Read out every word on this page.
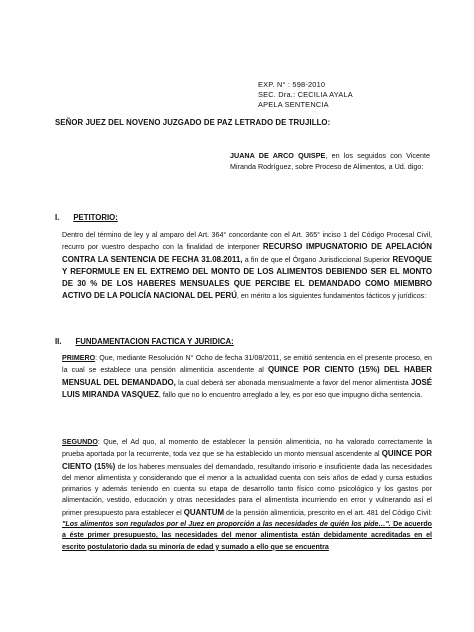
EXP. N° : 598-2010
SEC. Dra.: CECILIA AYALA
APELA SENTENCIA
SEÑOR JUEZ DEL NOVENO JUZGADO DE PAZ LETRADO DE TRUJILLO:
JUANA DE ARCO QUISPE, en los seguidos con Vicente Miranda Rodríguez, sobre Proceso de Alimentos, a Ud. digo:
I. PETITORIO:
Dentro del término de ley y al amparo del Art. 364° concordante con el Art. 365° inciso 1 del Código Procesal Civil, recurro por vuestro despacho con la finalidad de interponer RECURSO IMPUGNATORIO DE APELACIÓN CONTRA LA SENTENCIA DE FECHA 31.08.2011, a fin de que el Órgano Jurisdiccional Superior REVOQUE Y REFORMULE EN EL EXTREMO DEL MONTO DE LOS ALIMENTOS DEBIENDO SER EL MONTO DE 30 % DE LOS HABERES MENSUALES QUE PERCIBE EL DEMANDADO COMO MIEMBRO ACTIVO DE LA POLICÍA NACIONAL DEL PERÚ, en mérito a los siguientes fundamentos fácticos y jurídicos:
II. FUNDAMENTACION FACTICA Y JURIDICA:
PRIMERO: Que, mediante Resolución N° Ocho de fecha 31/08/2011, se emitió sentencia en el presente proceso, en la cual se establece una pensión alimenticia ascendente al QUINCE POR CIENTO (15%) DEL HABER MENSUAL DEL DEMANDADO, la cual deberá ser abonada mensualmente a favor del menor alimentista JOSÉ LUIS MIRANDA VASQUEZ, fallo que no lo encuentro arreglado a ley, es por eso que impugno dicha sentencia.
SEGUNDO: Que, el Ad quo, al momento de establecer la pensión alimenticia, no ha valorado correctamente la prueba aportada por la recurrente, toda vez que se ha establecido un monto mensual ascendente al QUINCE POR CIENTO (15%) de los haberes mensuales del demandado, resultando irrisorio e insuficiente dada las necesidades del menor alimentista y considerando que el menor a la actualidad cuenta con seis años de edad y cursa estudios primarios y además teniendo en cuenta su etapa de desarrollo tanto físico como psicológico y los gastos por alimentación, vestido, educación y otras necesidades para el alimentista incurriendo en error y vulnerando así el primer presupuesto para establecer el QUANTUM de la pensión alimenticia, prescrito en el art. 481 del Código Civil: "Los alimentos son regulados por el Juez en proporción a las necesidades de quién los pide…". De acuerdo a éste primer presupuesto, las necesidades del menor alimentista están debidamente acreditadas en el escrito postulatorio dada su minoría de edad y sumado a ello que se encuentra
